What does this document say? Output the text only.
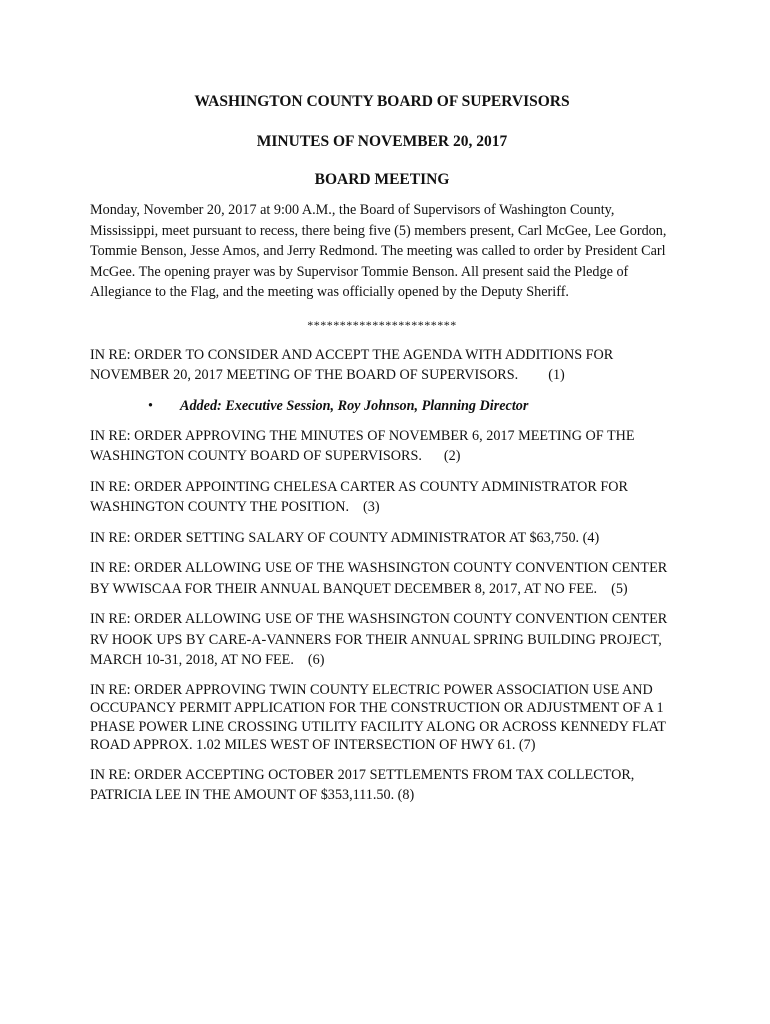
WASHINGTON COUNTY BOARD OF SUPERVISORS

MINUTES OF NOVEMBER 20, 2017

BOARD MEETING

Monday, November 20, 2017 at 9:00 A.M., the Board of Supervisors of Washington County, Mississippi, meet pursuant to recess, there being five (5) members present, Carl McGee, Lee Gordon, Tommie Benson, Jesse Amos, and Jerry Redmond. The meeting was called to order by President Carl McGee. The opening prayer was by Supervisor Tommie Benson. All present said the Pledge of Allegiance to the Flag, and the meeting was officially opened by the Deputy Sheriff.

***********************

IN RE: ORDER TO CONSIDER AND ACCEPT THE AGENDA WITH ADDITIONS FOR NOVEMBER 20, 2017 MEETING OF THE BOARD OF SUPERVISORS. (1)

• Added: Executive Session, Roy Johnson, Planning Director

IN RE: ORDER APPROVING THE MINUTES OF NOVEMBER 6, 2017 MEETING OF THE WASHINGTON COUNTY BOARD OF SUPERVISORS. (2)

IN RE: ORDER APPOINTING CHELESA CARTER AS COUNTY ADMINISTRATOR FOR WASHINGTON COUNTY THE POSITION. (3)

IN RE: ORDER SETTING SALARY OF COUNTY ADMINISTRATOR AT $63,750. (4)

IN RE: ORDER ALLOWING USE OF THE WASHSINGTON COUNTY CONVENTION CENTER BY WWISCAA FOR THEIR ANNUAL BANQUET DECEMBER 8, 2017, AT NO FEE. (5)

IN RE: ORDER ALLOWING USE OF THE WASHSINGTON COUNTY CONVENTION CENTER RV HOOK UPS BY CARE-A-VANNERS FOR THEIR ANNUAL SPRING BUILDING PROJECT, MARCH 10-31, 2018, AT NO FEE. (6)

IN RE: ORDER APPROVING TWIN COUNTY ELECTRIC POWER ASSOCIATION USE AND OCCUPANCY PERMIT APPLICATION FOR THE CONSTRUCTION OR ADJUSTMENT OF A 1 PHASE POWER LINE CROSSING UTILITY FACILITY ALONG OR ACROSS KENNEDY FLAT ROAD APPROX. 1.02 MILES WEST OF INTERSECTION OF HWY 61. (7)

IN RE: ORDER ACCEPTING OCTOBER 2017 SETTLEMENTS FROM TAX COLLECTOR, PATRICIA LEE IN THE AMOUNT OF $353,111.50. (8)
